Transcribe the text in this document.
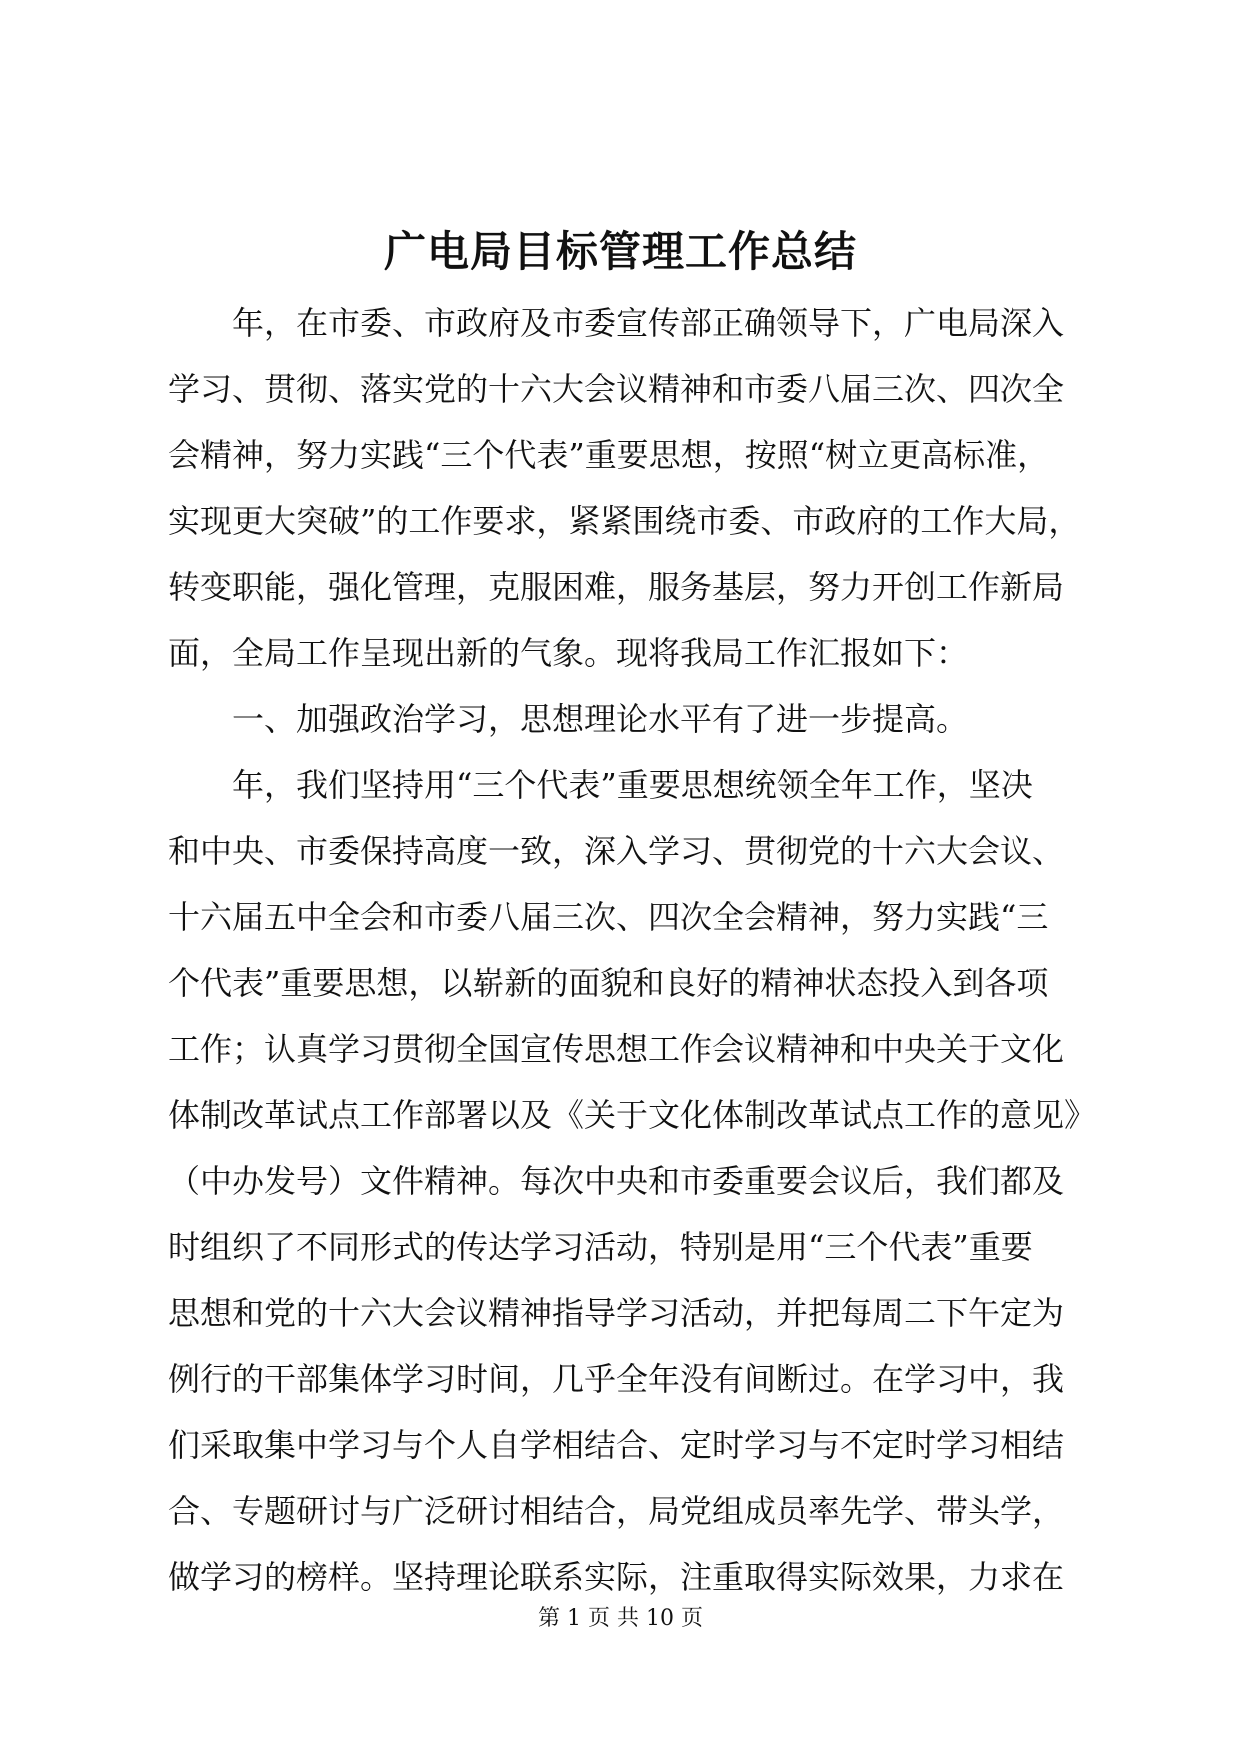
广电局目标管理工作总结
年，在市委、市政府及市委宣传部正确领导下，广电局深入
学习、贯彻、落实党的十六大会议精神和市委八届三次、四次全
会精神，努力实践“三个代表”重要思想，按照“树立更高标准，
实现更大突破”的工作要求，紧紧围绕市委、市政府的工作大局，
转变职能，强化管理，克服困难，服务基层，努力开创工作新局
面，全局工作呈现出新的气象。现将我局工作汇报如下：
一、加强政治学习，思想理论水平有了进一步提高。
年，我们坚持用“三个代表”重要思想统领全年工作，坚决
和中央、市委保持高度一致，深入学习、贯彻党的十六大会议、
十六届五中全会和市委八届三次、四次全会精神，努力实践“三
个代表”重要思想，以崭新的面貌和良好的精神状态投入到各项
工作；认真学习贯彻全国宣传思想工作会议精神和中央关于文化
体制改革试点工作部署以及《关于文化体制改革试点工作的意见》
（中办发号）文件精神。每次中央和市委重要会议后，我们都及
时组织了不同形式的传达学习活动，特别是用“三个代表”重要
思想和党的十六大会议精神指导学习活动，并把每周二下午定为
例行的干部集体学习时间，几乎全年没有间断过。在学习中，我
们采取集中学习与个人自学相结合、定时学习与不定时学习相结
合、专题研讨与广泛研讨相结合，局党组成员率先学、带头学，
做学习的榜样。坚持理论联系实际，注重取得实际效果，力求在
第 1 页 共 10 页
